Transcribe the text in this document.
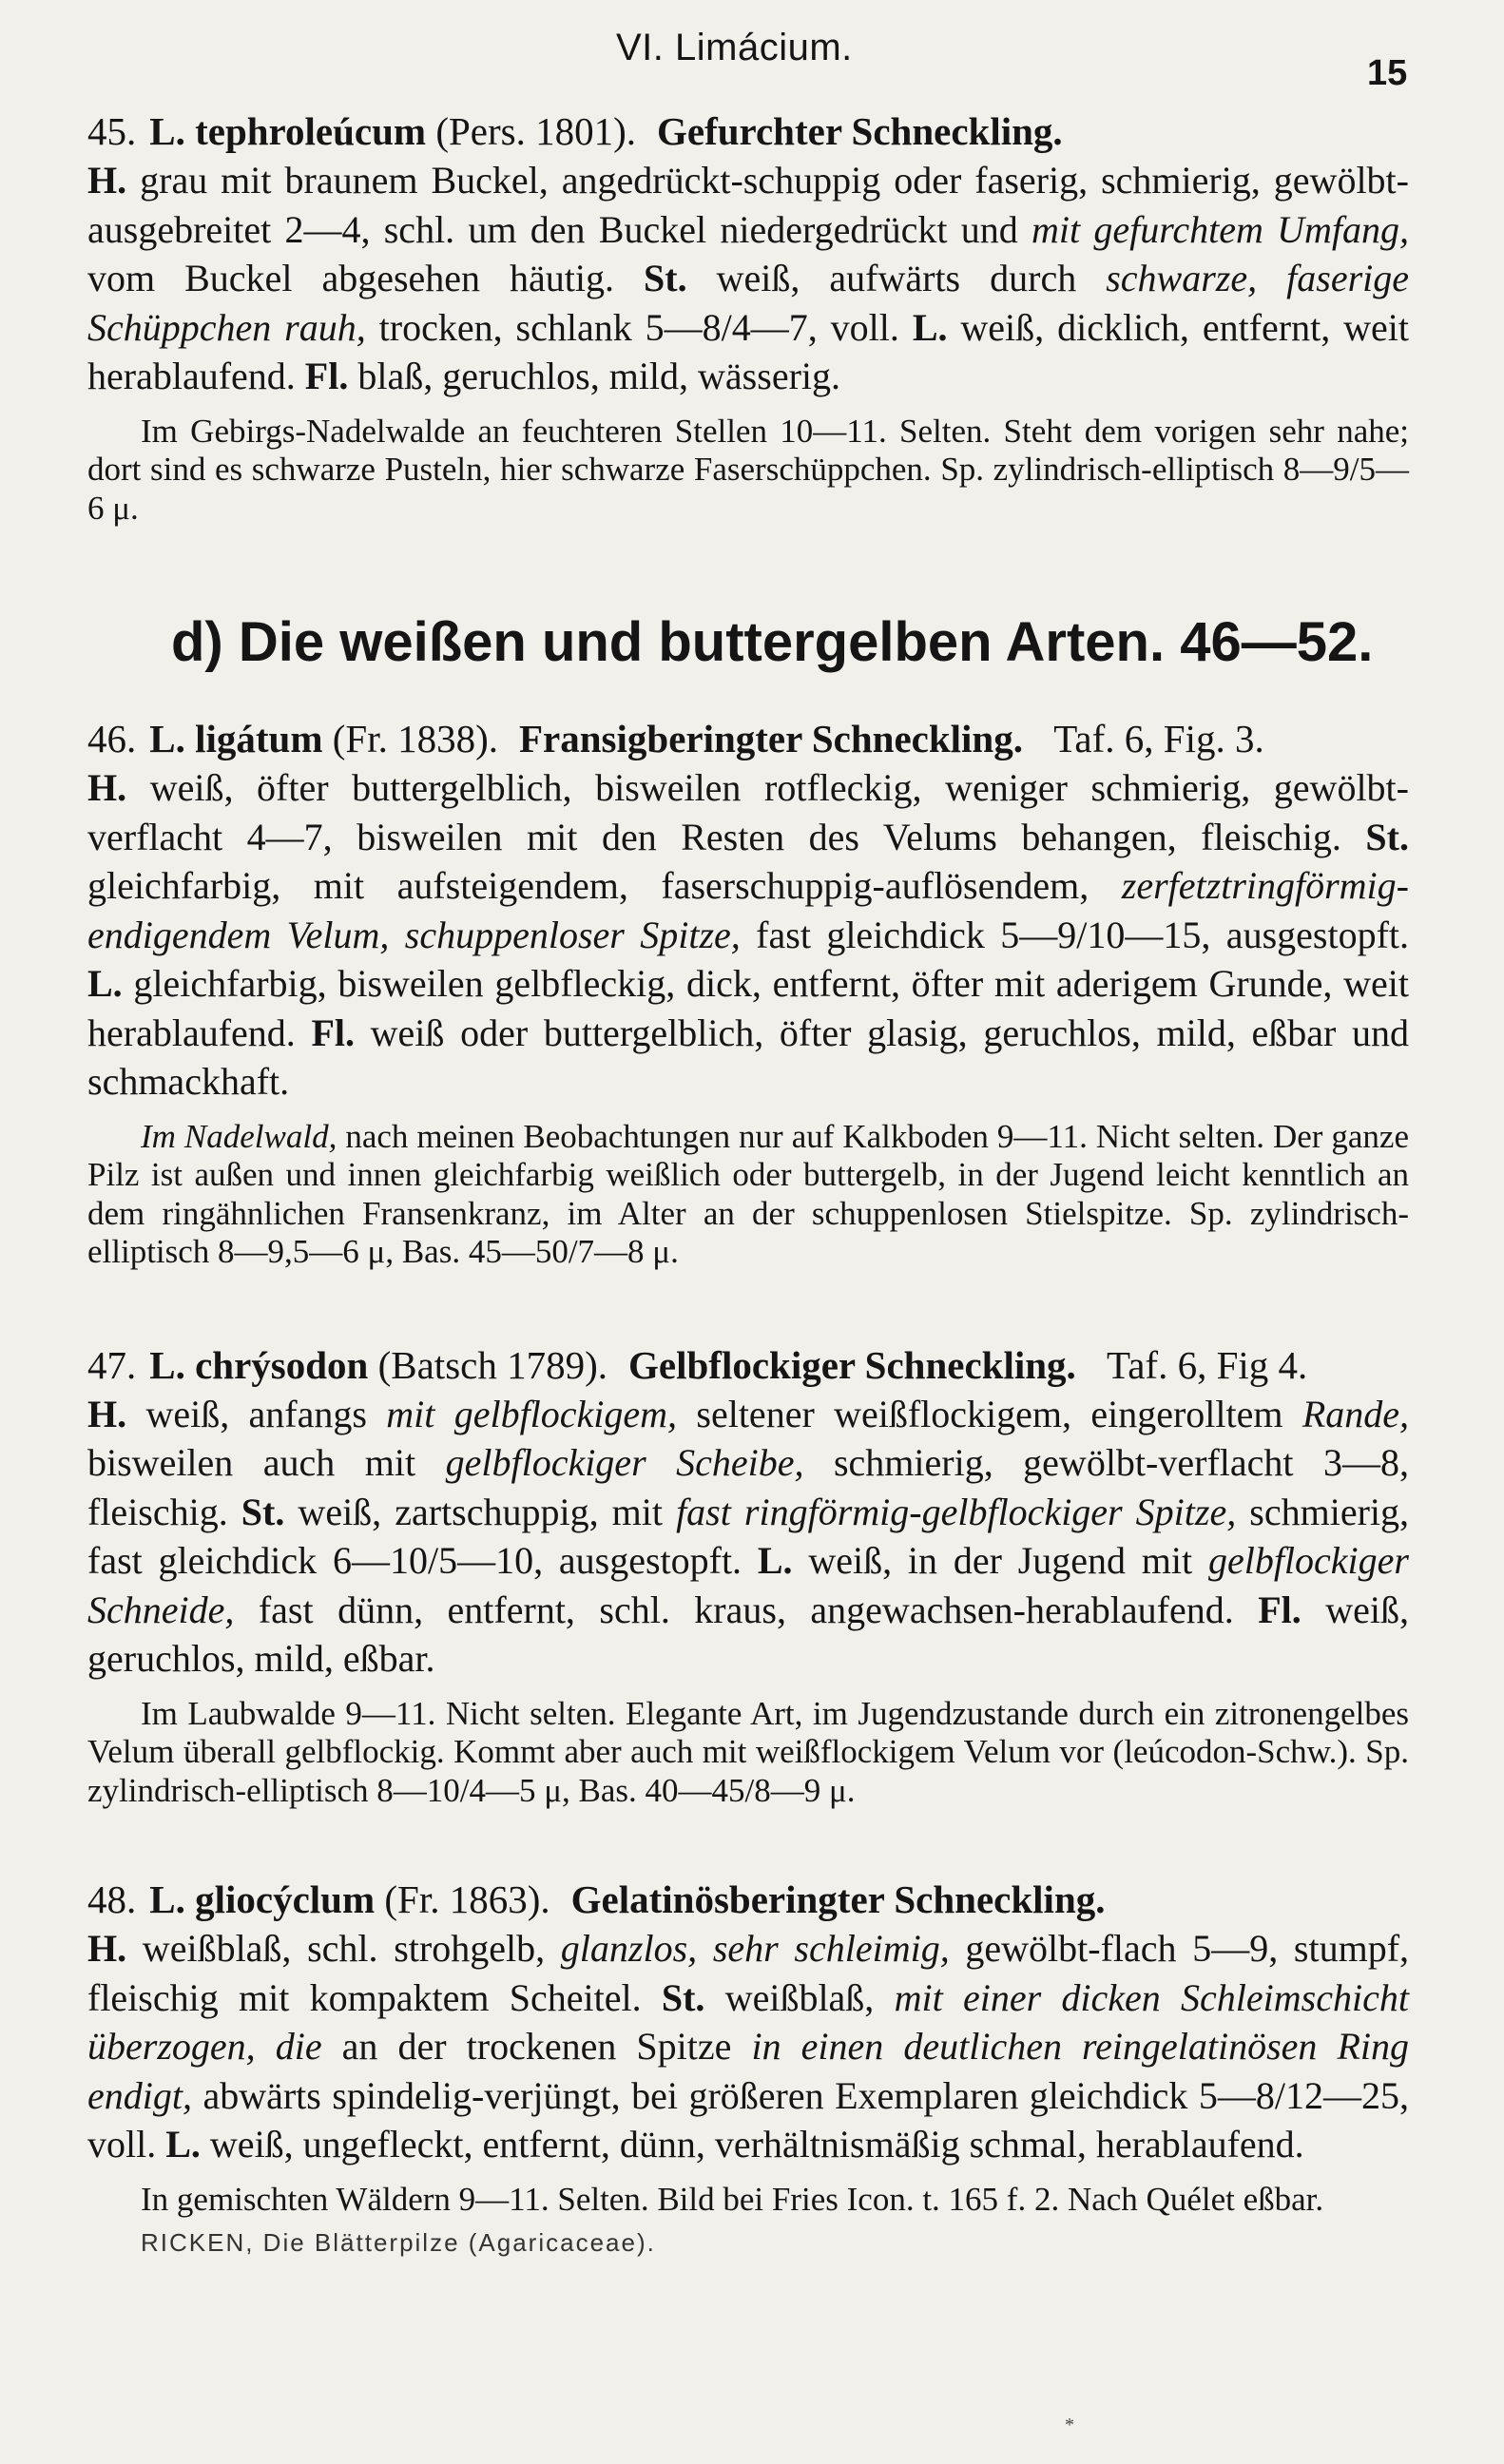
VI. Limácium.
15

45. L. tephroleúcum (Pers. 1801). Gefurchter Schneckling.

H. grau mit braunem Buckel, angedrückt-schuppig oder faserig, schmierig, gewölbt-ausgebreitet 2—4, schl. um den Buckel niedergedrückt und mit gefurchtem Umfang, vom Buckel abgesehen häutig. St. weiß, aufwärts durch schwarze, faserige Schüppchen rauh, trocken, schlank 5—8/4—7, voll. L. weiß, dicklich, entfernt, weit herablaufend. Fl. blaß, geruchlos, mild, wässerig.

Im Gebirgs-Nadelwalde an feuchteren Stellen 10—11. Selten. Steht dem vorigen sehr nahe; dort sind es schwarze Pusteln, hier schwarze Faserschüppchen. Sp. zylindrisch-elliptisch 8—9/5—6 μ.

d) Die weißen und buttergelben Arten. 46—52.

46. L. ligátum (Fr. 1838). Fransigberingter Schneckling. Taf. 6, Fig. 3.

H. weiß, öfter buttergelblich, bisweilen rotfleckig, weniger schmierig, gewölbt-verflacht 4—7, bisweilen mit den Resten des Velums behangen, fleischig. St. gleichfarbig, mit aufsteigendem, faserschuppig-auflösendem, zerfetztringförmig-endigendem Velum, schuppenloser Spitze, fast gleichdick 5—9/10—15, ausgestopft. L. gleichfarbig, bisweilen gelbfleckig, dick, entfernt, öfter mit aderigem Grunde, weit herablaufend. Fl. weiß oder buttergelblich, öfter glasig, geruchlos, mild, eßbar und schmackhaft.

Im Nadelwald, nach meinen Beobachtungen nur auf Kalkboden 9—11. Nicht selten. Der ganze Pilz ist außen und innen gleichfarbig weißlich oder buttergelb, in der Jugend leicht kenntlich an dem ringähnlichen Fransenkranz, im Alter an der schuppenlosen Stielspitze. Sp. zylindrisch-elliptisch 8—9,5—6 μ, Bas. 45—50/7—8 μ.

47. L. chrýsodon (Batsch 1789). Gelbflockiger Schneckling. Taf. 6, Fig 4.

H. weiß, anfangs mit gelbflockigem, seltener weißflockigem, eingerolltem Rande, bisweilen auch mit gelbflockiger Scheibe, schmierig, gewölbt-verflacht 3—8, fleischig. St. weiß, zartschuppig, mit fast ringförmig-gelbflockiger Spitze, schmierig, fast gleichdick 6—10/5—10, ausgestopft. L. weiß, in der Jugend mit gelbflockiger Schneide, fast dünn, entfernt, schl. kraus, angewachsen-herablaufend. Fl. weiß, geruchlos, mild, eßbar.

Im Laubwalde 9—11. Nicht selten. Elegante Art, im Jugendzustande durch ein zitronengelbes Velum überall gelbflockig. Kommt aber auch mit weißflockigem Velum vor (leúcodon-Schw.). Sp. zylindrisch-elliptisch 8—10/4—5 μ, Bas. 40—45/8—9 μ.

48. L. gliocýclum (Fr. 1863). Gelatinösberingter Schneckling.

H. weißblaß, schl. strohgelb, glanzlos, sehr schleimig, gewölbt-flach 5—9, stumpf, fleischig mit kompaktem Scheitel. St. weißblaß, mit einer dicken Schleimschicht überzogen, die an der trockenen Spitze in einen deutlichen reingelatinösen Ring endigt, abwärts spindelig-verjüngt, bei größeren Exemplaren gleichdick 5—8/12—25, voll. L. weiß, ungefleckt, entfernt, dünn, verhältnismäßig schmal, herablaufend.

In gemischten Wäldern 9—11. Selten. Bild bei Fries Icon. t. 165 f. 2. Nach Quélet eßbar.

RICKEN, Die Blätterpilze (Agaricaceae).
*
